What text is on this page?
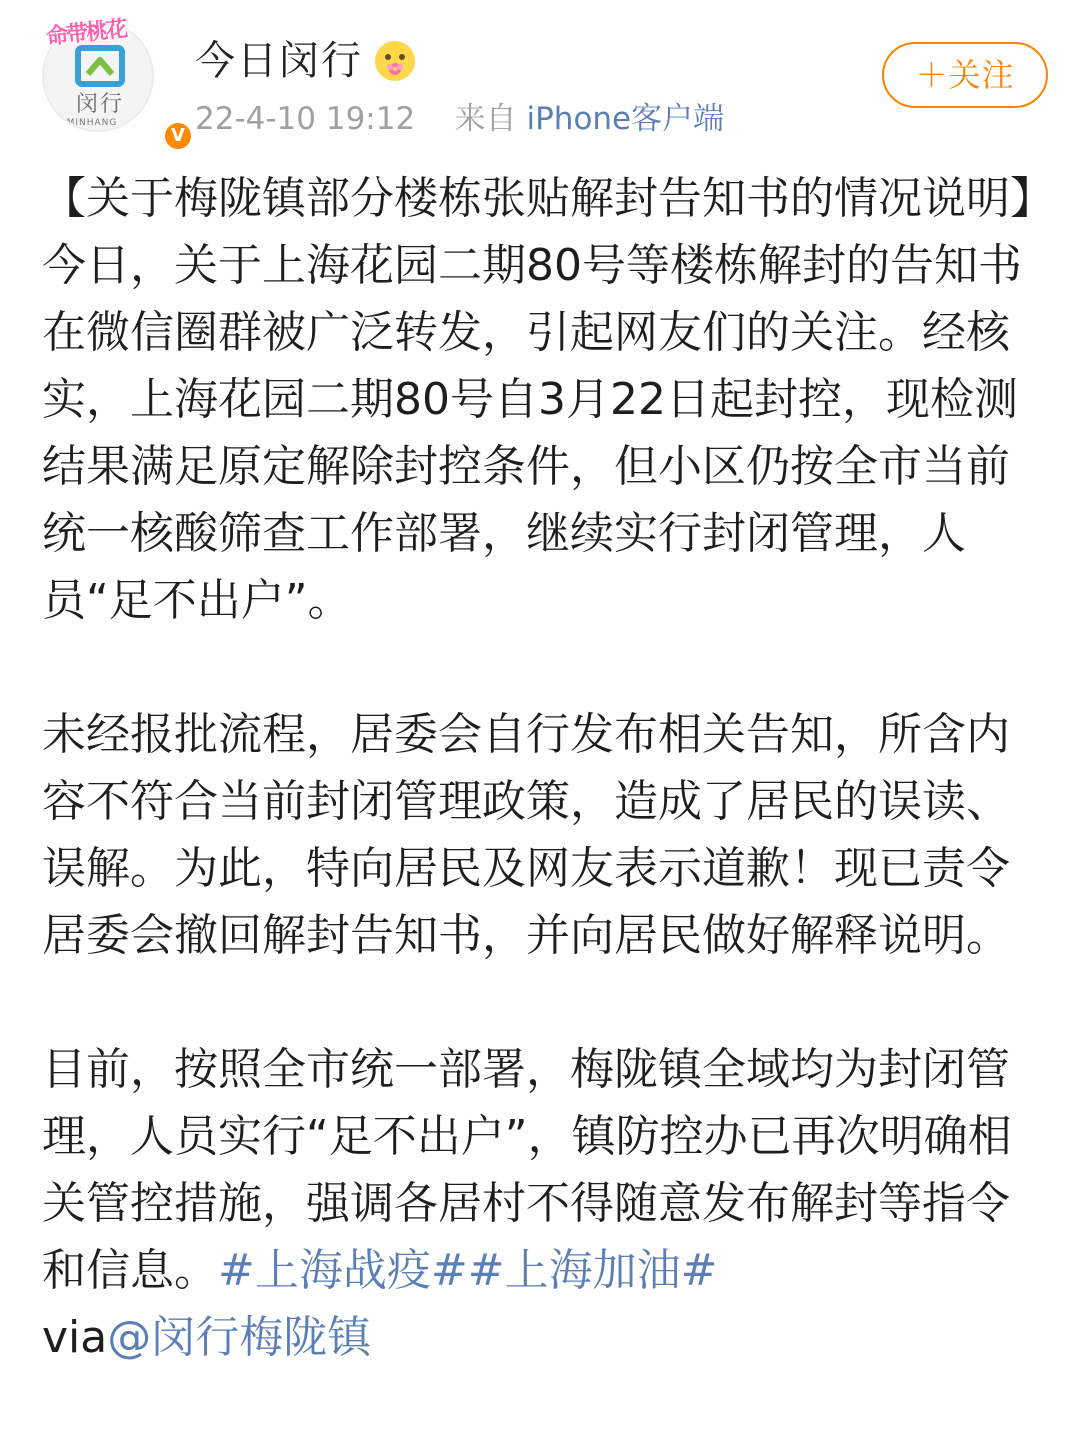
闵行
MINHANG
命带桃花
V
今日闵行
22-4-10 19:12 来自 iPhone客户端
＋关注

【关于梅陇镇部分楼栋张贴解封告知书的情况说明】今日，关于上海花园二期80号等楼栋解封的告知书在微信圈群被广泛转发，引起网友们的关注。经核实，上海花园二期80号自3月22日起封控，现检测结果满足原定解除封控条件，但小区仍按全市当前统一核酸筛查工作部署，继续实行封闭管理，人员“足不出户”。

未经报批流程，居委会自行发布相关告知，所含内容不符合当前封闭管理政策，造成了居民的误读、误解。为此，特向居民及网友表示道歉！现已责令居委会撤回解封告知书，并向居民做好解释说明。

目前，按照全市统一部署，梅陇镇全域均为封闭管理，人员实行“足不出户”，镇防控办已再次明确相关管控措施，强调各居村不得随意发布解封等指令和信息。#上海战疫##上海加油#
via@闵行梅陇镇
